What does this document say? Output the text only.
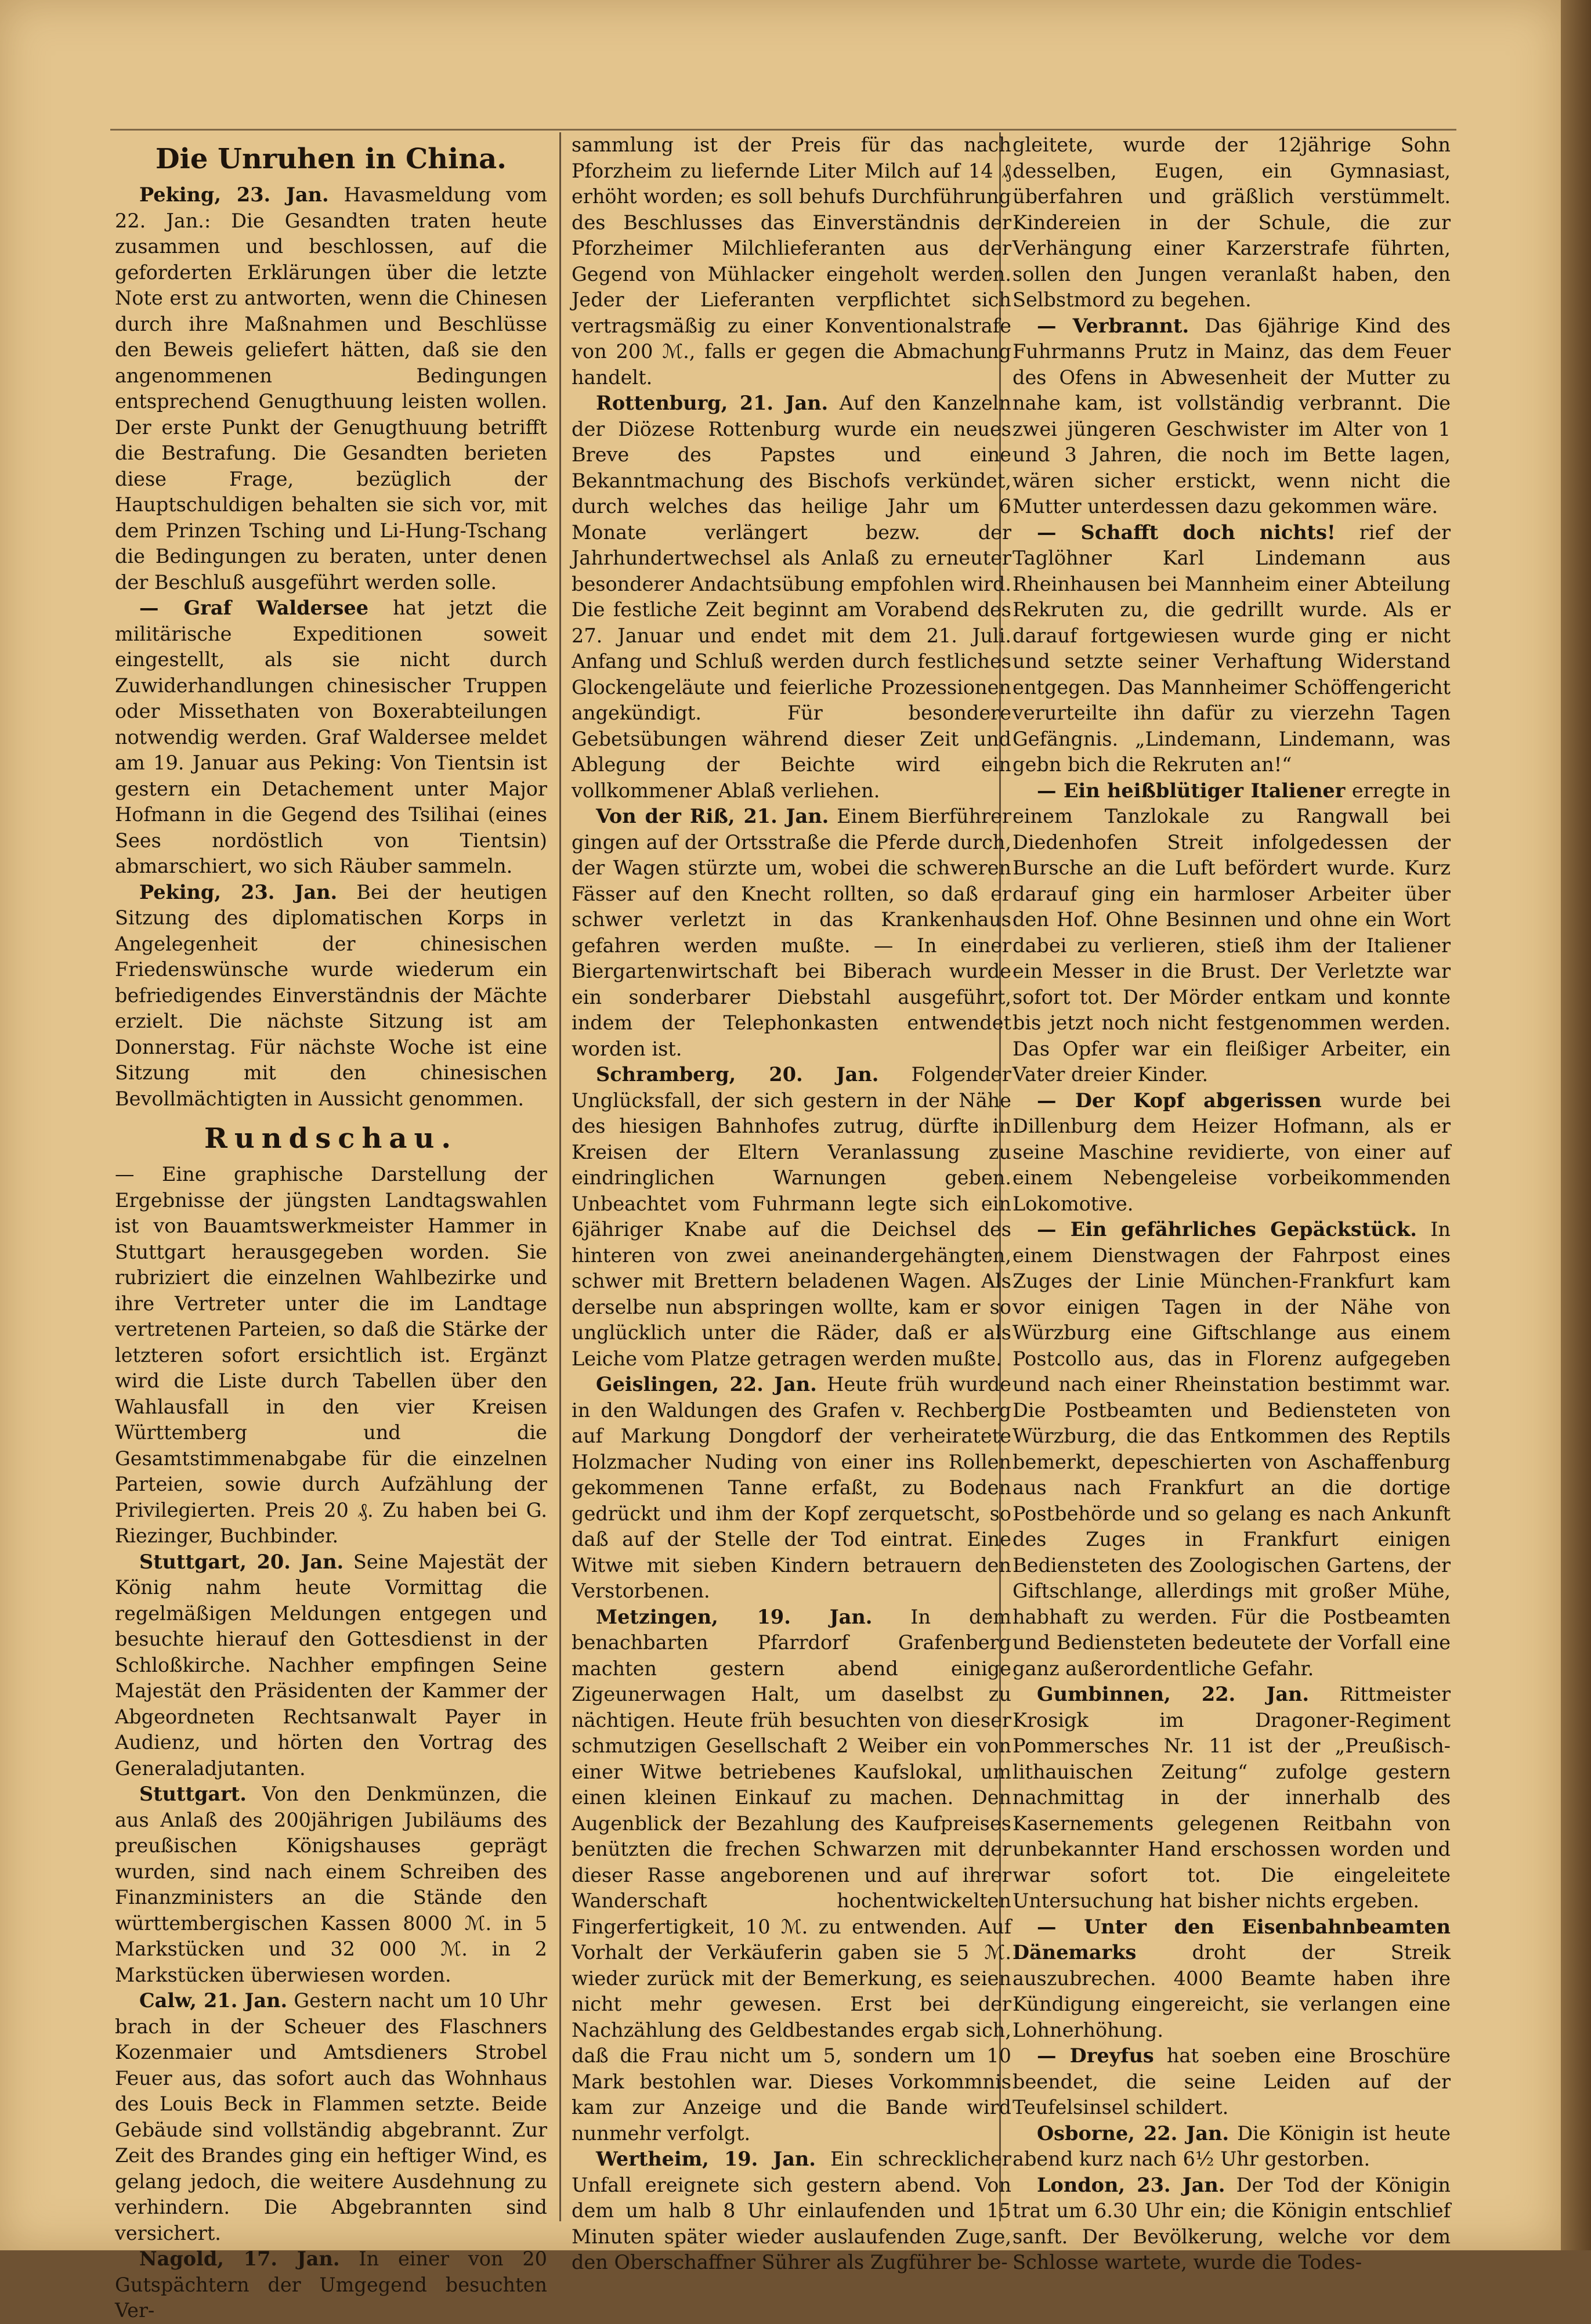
Die Unruhen in China.

Peking, 23. Jan. Havasmeldung vom 22. Jan.: Die Gesandten traten heute zusammen und beschlossen, auf die geforderten Erklärungen über die letzte Note erst zu antworten, wenn die Chinesen durch ihre Maßnahmen und Beschlüsse den Beweis geliefert hätten, daß sie den angenommenen Bedingungen entsprechend Genugthuung leisten wollen. Der erste Punkt der Genugthuung betrifft die Bestrafung. Die Gesandten berieten diese Frage, bezüglich der Hauptschuldigen behalten sie sich vor, mit dem Prinzen Tsching und Li-Hung-Tschang die Bedingungen zu beraten, unter denen der Beschluß ausgeführt werden solle.

— Graf Waldersee hat jetzt die militärische Expeditionen soweit eingestellt, als sie nicht durch Zuwiderhandlungen chinesischer Truppen oder Missethaten von Boxerabteilungen notwendig werden. Graf Waldersee meldet am 19. Januar aus Peking: Von Tientsin ist gestern ein Detachement unter Major Hofmann in die Gegend des Tsilihai (eines Sees nordöstlich von Tientsin) abmarschiert, wo sich Räuber sammeln.

Peking, 23. Jan. Bei der heutigen Sitzung des diplomatischen Korps in Angelegenheit der chinesischen Friedenswünsche wurde wiederum ein befriedigendes Einverständnis der Mächte erzielt. Die nächste Sitzung ist am Donnerstag. Für nächste Woche ist eine Sitzung mit den chinesischen Bevollmächtigten in Aussicht genommen.

Rundschau.

— Eine graphische Darstellung der Ergebnisse der jüngsten Landtagswahlen ist von Bauamtswerkmeister Hammer in Stuttgart herausgegeben worden. Sie rubriziert die einzelnen Wahlbezirke und ihre Vertreter unter die im Landtage vertretenen Parteien, so daß die Stärke der letzteren sofort ersichtlich ist. Ergänzt wird die Liste durch Tabellen über den Wahlausfall in den vier Kreisen Württemberg und die Gesamtstimmenabgabe für die einzelnen Parteien, sowie durch Aufzählung der Privilegierten. Preis 20 ₰. Zu haben bei G. Riezinger, Buchbinder.

Stuttgart, 20. Jan. Seine Majestät der König nahm heute Vormittag die regelmäßigen Meldungen entgegen und besuchte hierauf den Gottesdienst in der Schloßkirche. Nachher empfingen Seine Majestät den Präsidenten der Kammer der Abgeordneten Rechtsanwalt Payer in Audienz, und hörten den Vortrag des Generaladjutanten.

Stuttgart. Von den Denkmünzen, die aus Anlaß des 200jährigen Jubiläums des preußischen Königshauses geprägt wurden, sind nach einem Schreiben des Finanzministers an die Stände den württembergischen Kassen 8000 ℳ. in 5 Markstücken und 32 000 ℳ. in 2 Markstücken überwiesen worden.

Calw, 21. Jan. Gestern nacht um 10 Uhr brach in der Scheuer des Flaschners Kozenmaier und Amtsdieners Strobel Feuer aus, das sofort auch das Wohnhaus des Louis Beck in Flammen setzte. Beide Gebäude sind vollständig abgebrannt. Zur Zeit des Brandes ging ein heftiger Wind, es gelang jedoch, die weitere Ausdehnung zu verhindern. Die Abgebrannten sind versichert.

Nagold, 17. Jan. In einer von 20 Gutspächtern der Umgegend besuchten Ver-

sammlung ist der Preis für das nach Pforzheim zu liefernde Liter Milch auf 14 ₰ erhöht worden; es soll behufs Durchführung des Beschlusses das Einverständnis der Pforzheimer Milchlieferanten aus der Gegend von Mühlacker eingeholt werden. Jeder der Lieferanten verpflichtet sich vertragsmäßig zu einer Konventionalstrafe von 200 ℳ., falls er gegen die Abmachung handelt.

Rottenburg, 21. Jan. Auf den Kanzeln der Diözese Rottenburg wurde ein neues Breve des Papstes und eine Bekanntmachung des Bischofs verkündet, durch welches das heilige Jahr um 6 Monate verlängert bezw. der Jahrhundertwechsel als Anlaß zu erneuter besonderer Andachtsübung empfohlen wird. Die festliche Zeit beginnt am Vorabend des 27. Januar und endet mit dem 21. Juli. Anfang und Schluß werden durch festliches Glockengeläute und feierliche Prozessionen angekündigt. Für besondere Gebetsübungen während dieser Zeit und Ablegung der Beichte wird ein vollkommener Ablaß verliehen.

Von der Riß, 21. Jan. Einem Bierführer gingen auf der Ortsstraße die Pferde durch, der Wagen stürzte um, wobei die schweren Fässer auf den Knecht rollten, so daß er schwer verletzt in das Krankenhaus gefahren werden mußte. — In einer Biergartenwirtschaft bei Biberach wurde ein sonderbarer Diebstahl ausgeführt, indem der Telephonkasten entwendet worden ist.

Schramberg, 20. Jan. Folgender Unglücksfall, der sich gestern in der Nähe des hiesigen Bahnhofes zutrug, dürfte in Kreisen der Eltern Veranlassung zu eindringlichen Warnungen geben. Unbeachtet vom Fuhrmann legte sich ein 6jähriger Knabe auf die Deichsel des hinteren von zwei aneinandergehängten, schwer mit Brettern beladenen Wagen. Als derselbe nun abspringen wollte, kam er so unglücklich unter die Räder, daß er als Leiche vom Platze getragen werden mußte.

Geislingen, 22. Jan. Heute früh wurde in den Waldungen des Grafen v. Rechberg auf Markung Dongdorf der verheiratete Holzmacher Nuding von einer ins Rollen gekommenen Tanne erfaßt, zu Boden gedrückt und ihm der Kopf zerquetscht, so daß auf der Stelle der Tod eintrat. Eine Witwe mit sieben Kindern betrauern den Verstorbenen.

Metzingen, 19. Jan. In dem benachbarten Pfarrdorf Grafenberg machten gestern abend einige Zigeunerwagen Halt, um daselbst zu nächtigen. Heute früh besuchten von dieser schmutzigen Gesellschaft 2 Weiber ein von einer Witwe betriebenes Kaufslokal, um einen kleinen Einkauf zu machen. Den Augenblick der Bezahlung des Kaufpreises benützten die frechen Schwarzen mit der dieser Rasse angeborenen und auf ihrer Wanderschaft hochentwickelten Fingerfertigkeit, 10 ℳ. zu entwenden. Auf Vorhalt der Verkäuferin gaben sie 5 ℳ. wieder zurück mit der Bemerkung, es seien nicht mehr gewesen. Erst bei der Nachzählung des Geldbestandes ergab sich, daß die Frau nicht um 5, sondern um 10 Mark bestohlen war. Dieses Vorkommnis kam zur Anzeige und die Bande wird nunmehr verfolgt.

Wertheim, 19. Jan. Ein schrecklicher Unfall ereignete sich gestern abend. Von dem um halb 8 Uhr einlaufenden und 15 Minuten später wieder auslaufenden Zuge, den Oberschaffner Sührer als Zugführer be-

gleitete, wurde der 12jährige Sohn desselben, Eugen, ein Gymnasiast, überfahren und gräßlich verstümmelt. Kindereien in der Schule, die zur Verhängung einer Karzerstrafe führten, sollen den Jungen veranlaßt haben, den Selbstmord zu begehen.

— Verbrannt. Das 6jährige Kind des Fuhrmanns Prutz in Mainz, das dem Feuer des Ofens in Abwesenheit der Mutter zu nahe kam, ist vollständig verbrannt. Die zwei jüngeren Geschwister im Alter von 1 und 3 Jahren, die noch im Bette lagen, wären sicher erstickt, wenn nicht die Mutter unterdessen dazu gekommen wäre.

— Schafft doch nichts! rief der Taglöhner Karl Lindemann aus Rheinhausen bei Mannheim einer Abteilung Rekruten zu, die gedrillt wurde. Als er darauf fortgewiesen wurde ging er nicht und setzte seiner Verhaftung Widerstand entgegen. Das Mannheimer Schöffengericht verurteilte ihn dafür zu vierzehn Tagen Gefängnis. „Lindemann, Lindemann, was gebn bich die Rekruten an!“

— Ein heißblütiger Italiener erregte in einem Tanzlokale zu Rangwall bei Diedenhofen Streit infolgedessen der Bursche an die Luft befördert wurde. Kurz darauf ging ein harmloser Arbeiter über den Hof. Ohne Besinnen und ohne ein Wort dabei zu verlieren, stieß ihm der Italiener ein Messer in die Brust. Der Verletzte war sofort tot. Der Mörder entkam und konnte bis jetzt noch nicht festgenommen werden. Das Opfer war ein fleißiger Arbeiter, ein Vater dreier Kinder.

— Der Kopf abgerissen wurde bei Dillenburg dem Heizer Hofmann, als er seine Maschine revidierte, von einer auf einem Nebengeleise vorbeikommenden Lokomotive.

— Ein gefährliches Gepäckstück. In einem Dienstwagen der Fahrpost eines Zuges der Linie München-Frankfurt kam vor einigen Tagen in der Nähe von Würzburg eine Giftschlange aus einem Postcollo aus, das in Florenz aufgegeben und nach einer Rheinstation bestimmt war. Die Postbeamten und Bediensteten von Würzburg, die das Entkommen des Reptils bemerkt, depeschierten von Aschaffenburg aus nach Frankfurt an die dortige Postbehörde und so gelang es nach Ankunft des Zuges in Frankfurt einigen Bediensteten des Zoologischen Gartens, der Giftschlange, allerdings mit großer Mühe, habhaft zu werden. Für die Postbeamten und Bediensteten bedeutete der Vorfall eine ganz außerordentliche Gefahr.

Gumbinnen, 22. Jan. Rittmeister Krosigk im Dragoner-Regiment Pommersches Nr. 11 ist der „Preußisch-lithauischen Zeitung“ zufolge gestern nachmittag in der innerhalb des Kasernements gelegenen Reitbahn von unbekannter Hand erschossen worden und war sofort tot. Die eingeleitete Untersuchung hat bisher nichts ergeben.

— Unter den Eisenbahnbeamten Dänemarks	droht der Streik auszubrechen. 4000 Beamte haben ihre Kündigung eingereicht, sie verlangen eine Lohnerhöhung.

— Dreyfus hat soeben eine Broschüre beendet, die seine Leiden auf der Teufelsinsel schildert.

Osborne, 22. Jan. Die Königin ist heute abend kurz nach 6½ Uhr gestorben.

London, 23. Jan. Der Tod der Königin trat um 6.30 Uhr ein; die Königin entschlief sanft. Der Bevölkerung, welche vor dem Schlosse wartete, wurde die Todes-
